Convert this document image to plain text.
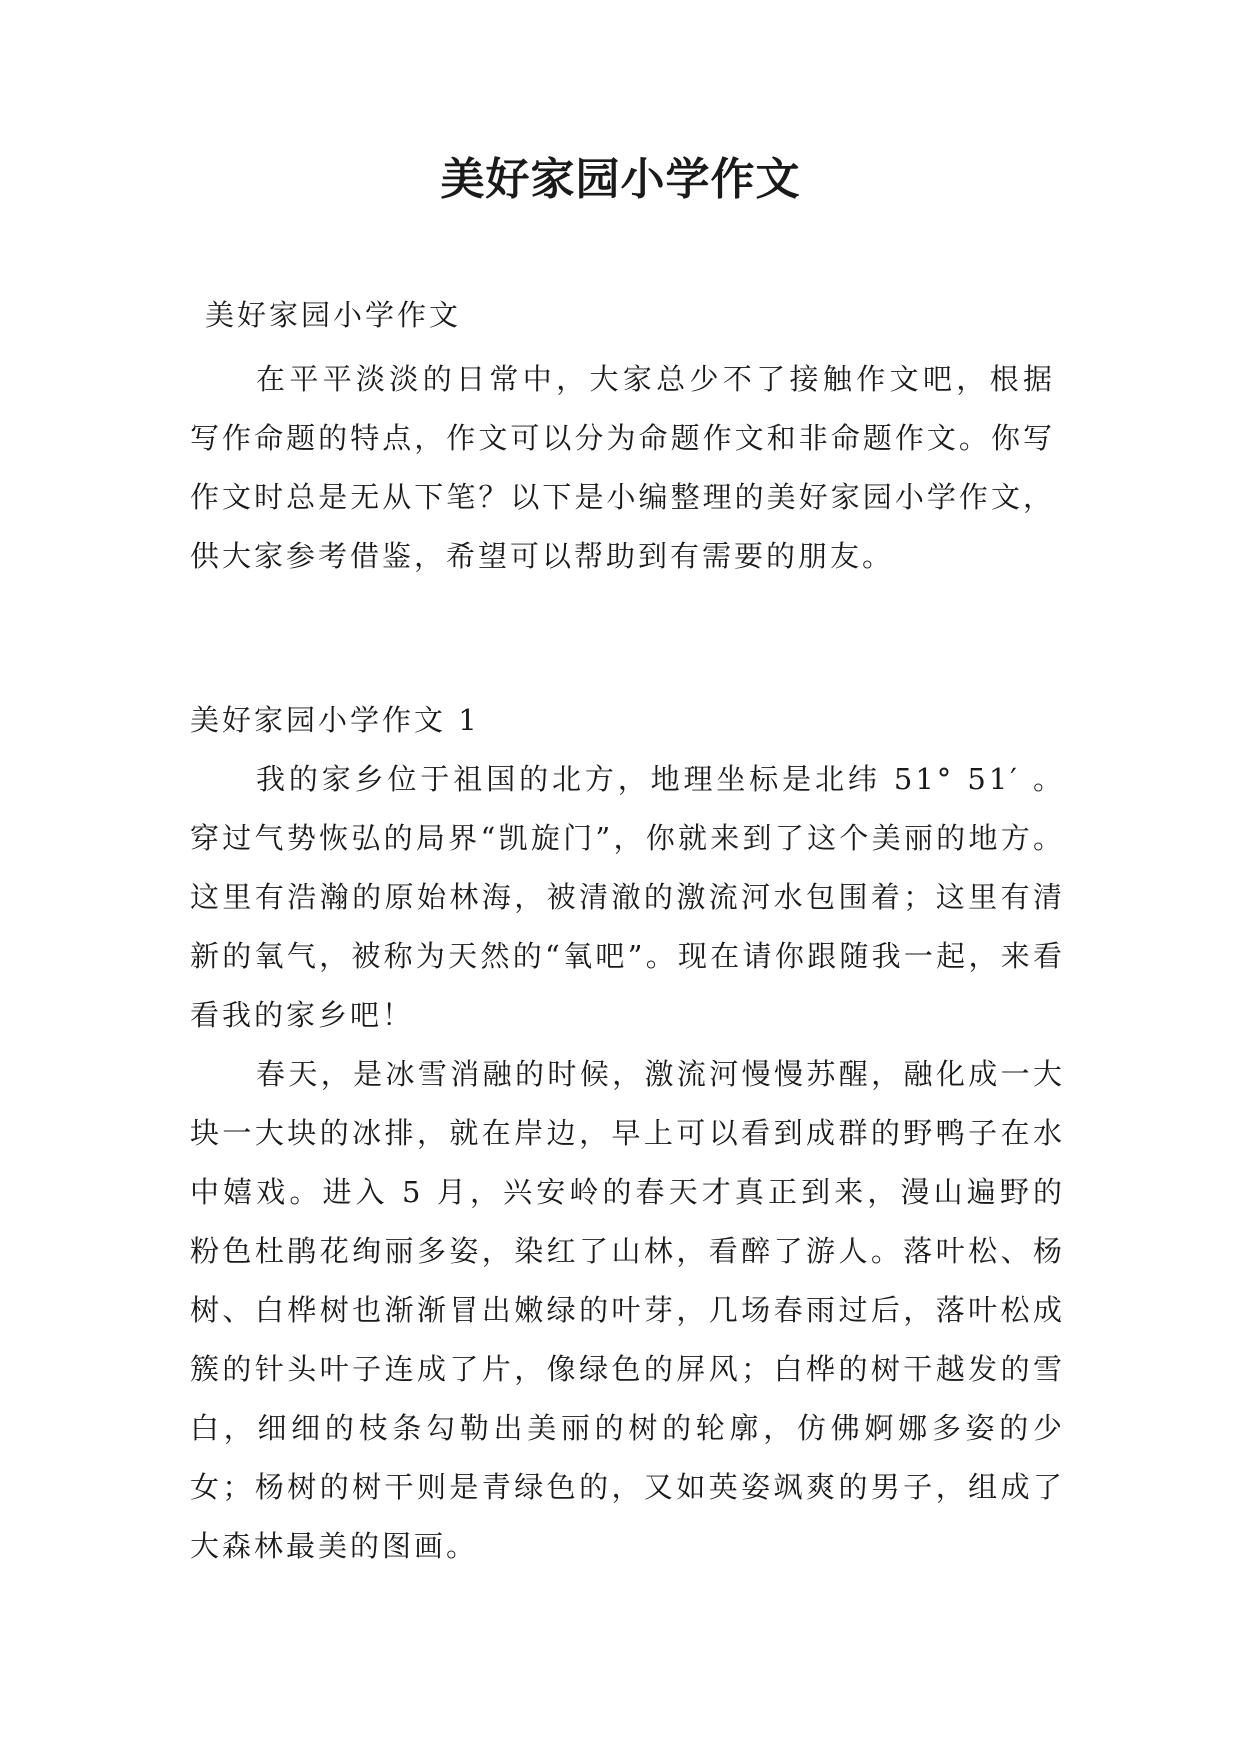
美好家园小学作文

美好家园小学作文

在平平淡淡的日常中，大家总少不了接触作文吧，根据写作命题的特点，作文可以分为命题作文和非命题作文。你写作文时总是无从下笔？以下是小编整理的美好家园小学作文，供大家参考借鉴，希望可以帮助到有需要的朋友。

美好家园小学作文 1

我的家乡位于祖国的北方，地理坐标是北纬 51° 51′ 。穿过气势恢弘的局界“凯旋门”，你就来到了这个美丽的地方。这里有浩瀚的原始林海，被清澈的激流河水包围着；这里有清新的氧气，被称为天然的“氧吧”。现在请你跟随我一起，来看看我的家乡吧！

春天，是冰雪消融的时候，激流河慢慢苏醒，融化成一大块一大块的冰排，就在岸边，早上可以看到成群的野鸭子在水中嬉戏。进入 5 月，兴安岭的春天才真正到来，漫山遍野的粉色杜鹃花绚丽多姿，染红了山林，看醉了游人。落叶松、杨树、白桦树也渐渐冒出嫩绿的叶芽，几场春雨过后，落叶松成簇的针头叶子连成了片，像绿色的屏风；白桦的树干越发的雪白，细细的枝条勾勒出美丽的树的轮廓，仿佛婀娜多姿的少女；杨树的树干则是青绿色的，又如英姿飒爽的男子，组成了大森林最美的图画。
